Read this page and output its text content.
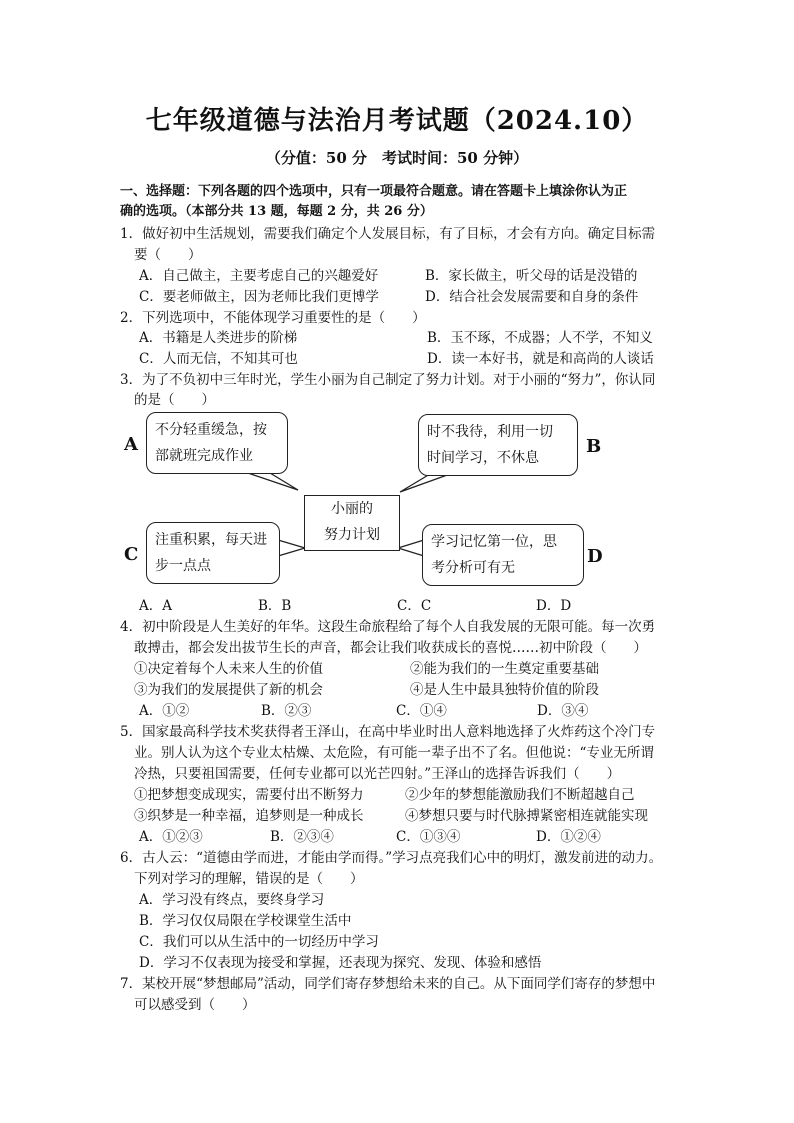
七年级道德与法治月考试题（2024.10）
（分值：50 分　考试时间：50 分钟）
一、选择题：下列各题的四个选项中，只有一项最符合题意。请在答题卡上填涂你认为正
确的选项。（本部分共 13 题，每题 2 分，共 26 分）
1．做好初中生活规划，需要我们确定个人发展目标，有了目标，才会有方向。确定目标需
要（　　）
A．自己做主，主要考虑自己的兴趣爱好	B．家长做主，听父母的话是没错的
C．要老师做主，因为老师比我们更博学	D．结合社会发展需要和自身的条件
2．下列选项中，不能体现学习重要性的是（　　）
A．书籍是人类进步的阶梯	B．玉不琢，不成器；人不学，不知义
C．人而无信，不知其可也	D．读一本好书，就是和高尚的人谈话
3．为了不负初中三年时光，学生小丽为自己制定了努力计划。对于小丽的“努力”，你认同
的是（　　）
A	B
C	D
不分轻重缓急，按
部就班完成作业
时不我待，利用一切
时间学习，不休息
小丽的
努力计划
注重积累，每天进
步一点点
学习记忆第一位，思
考分析可有无
A．A	B．B	C．C	D．D
4．初中阶段是人生美好的年华。这段生命旅程给了每个人自我发展的无限可能。每一次勇
敢搏击，都会发出拔节生长的声音，都会让我们收获成长的喜悦……初中阶段（　　）
①决定着每个人未来人生的价值	②能为我们的一生奠定重要基础
③为我们的发展提供了新的机会	④是人生中最具独特价值的阶段
A．①②	B．②③	C．①④	D．③④
5．国家最高科学技术奖获得者王泽山，在高中毕业时出人意料地选择了火炸药这个冷门专
业。别人认为这个专业太枯燥、太危险，有可能一辈子出不了名。但他说：“专业无所谓
冷热，只要祖国需要，任何专业都可以光芒四射。”王泽山的选择告诉我们（　　）
①把梦想变成现实，需要付出不断努力	②少年的梦想能激励我们不断超越自己
③织梦是一种幸福，追梦则是一种成长	④梦想只要与时代脉搏紧密相连就能实现
A．①②③	B．②③④	C．①③④	D．①②④
6．古人云：“道德由学而进，才能由学而得。”学习点亮我们心中的明灯，激发前进的动力。
下列对学习的理解，错误的是（　　）
A．学习没有终点，要终身学习
B．学习仅仅局限在学校课堂生活中
C．我们可以从生活中的一切经历中学习
D．学习不仅表现为接受和掌握，还表现为探究、发现、体验和感悟
7．某校开展“梦想邮局”活动，同学们寄存梦想给未来的自己。从下面同学们寄存的梦想中
可以感受到（　　）
